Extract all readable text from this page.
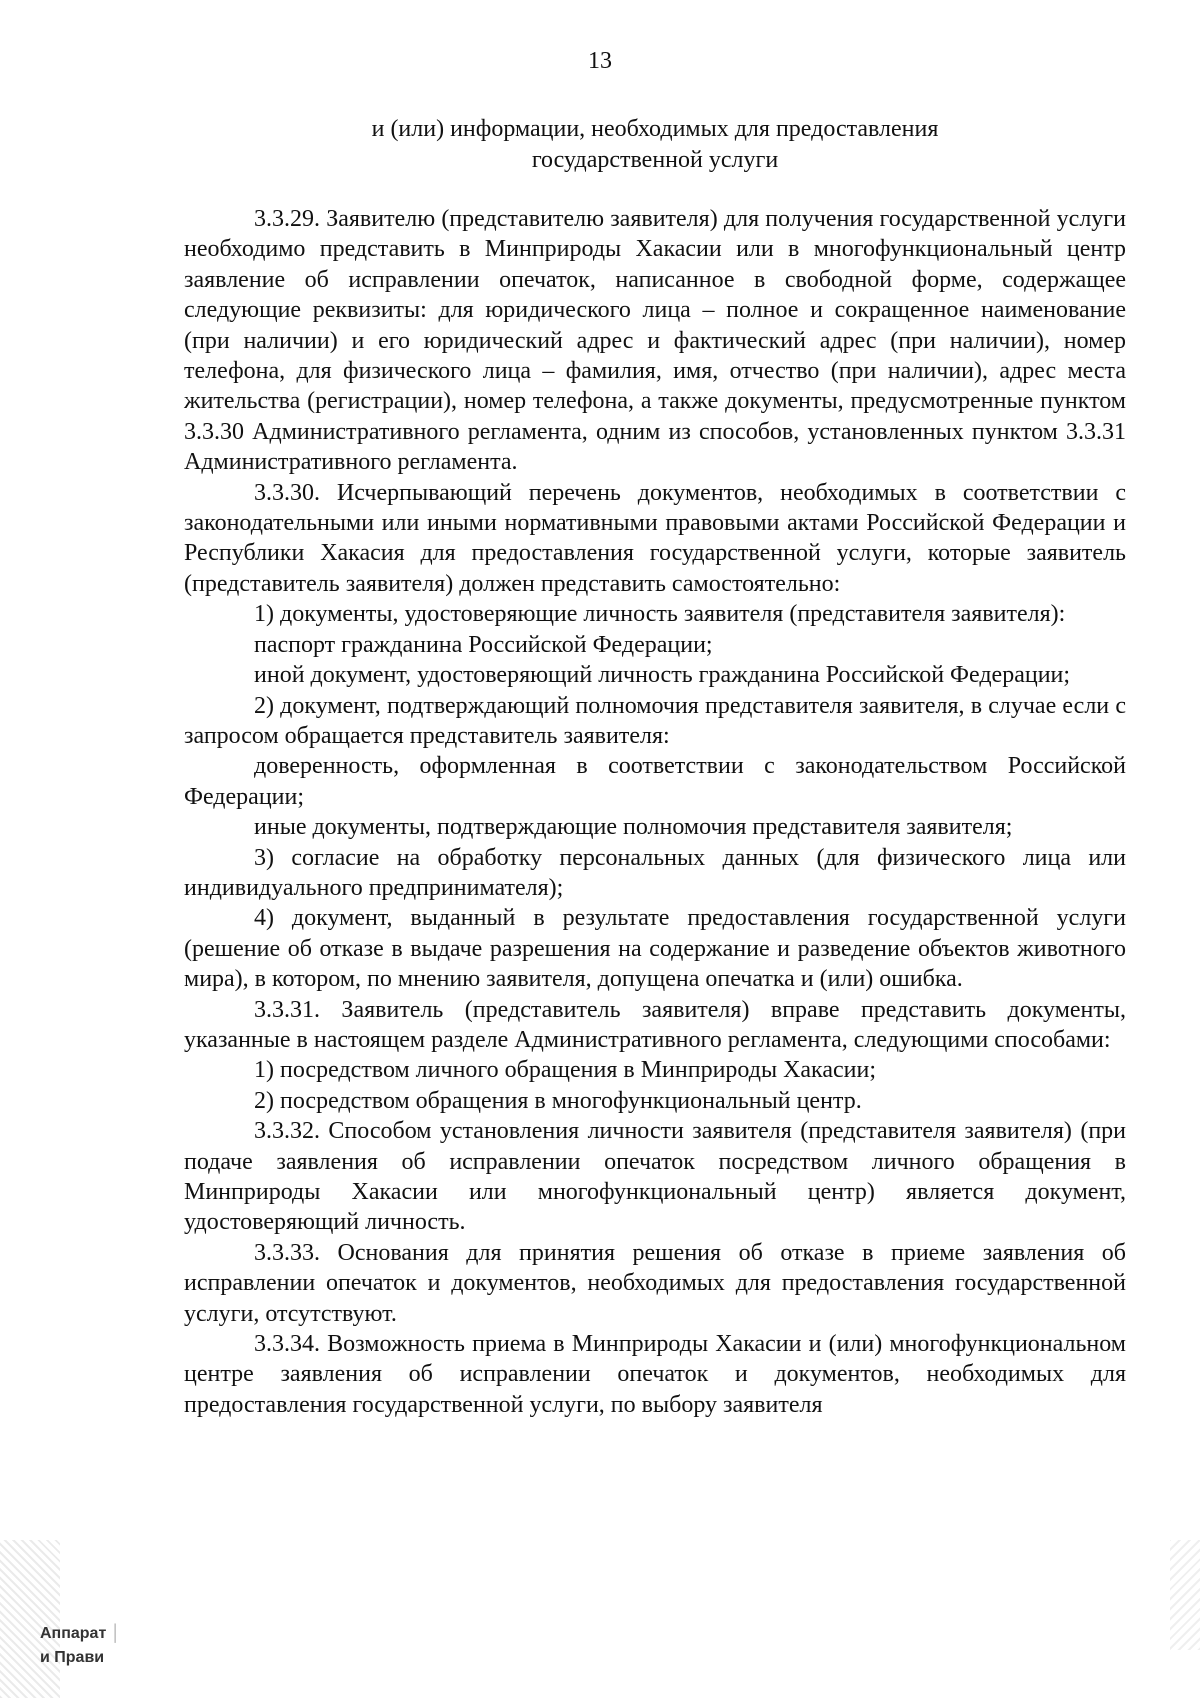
13
и (или) информации, необходимых для предоставления
государственной услуги

3.3.29. Заявителю (представителю заявителя) для получения государственной услуги необходимо представить в Минприроды Хакасии или в многофункциональный центр заявление об исправлении опечаток, написанное в свободной форме, содержащее следующие реквизиты: для юридического лица – полное и сокращенное наименование (при наличии) и его юридический адрес и фактический адрес (при наличии), номер телефона, для физического лица – фамилия, имя, отчество (при наличии), адрес места жительства (регистрации), номер телефона, а также документы, предусмотренные пунктом 3.3.30 Административного регламента, одним из способов, установленных пунктом 3.3.31 Административного регламента.

3.3.30. Исчерпывающий перечень документов, необходимых в соответствии с законодательными или иными нормативными правовыми актами Российской Федерации и Республики Хакасия для предоставления государственной услуги, которые заявитель (представитель заявителя) должен представить самостоятельно:

1) документы, удостоверяющие личность заявителя (представителя заявителя):

паспорт гражданина Российской Федерации;

иной документ, удостоверяющий личность гражданина Российской Федерации;

2) документ, подтверждающий полномочия представителя заявителя, в случае если с запросом обращается представитель заявителя:

доверенность, оформленная в соответствии с законодательством Российской Федерации;

иные документы, подтверждающие полномочия представителя заявителя;

3) согласие на обработку персональных данных (для физического лица или индивидуального предпринимателя);

4) документ, выданный в результате предоставления государственной услуги (решение об отказе в выдаче разрешения на содержание и разведение объектов животного мира), в котором, по мнению заявителя, допущена опечатка и (или) ошибка.

3.3.31. Заявитель (представитель заявителя) вправе представить документы, указанные в настоящем разделе Административного регламента, следующими способами:

1) посредством личного обращения в Минприроды Хакасии;

2) посредством обращения в многофункциональный центр.

3.3.32. Способом установления личности заявителя (представителя заявителя) (при подаче заявления об исправлении опечаток посредством личного обращения в Минприроды Хакасии или многофункциональный центр) является документ, удостоверяющий личность.

3.3.33. Основания для принятия решения об отказе в приеме заявления об исправлении опечаток и документов, необходимых для предоставления государственной услуги, отсутствуют.

3.3.34. Возможность приема в Минприроды Хакасии и (или) многофункциональном центре заявления об исправлении опечаток и документов, необходимых для предоставления государственной услуги, по выбору заявителя

Аппарат │
и Прави
